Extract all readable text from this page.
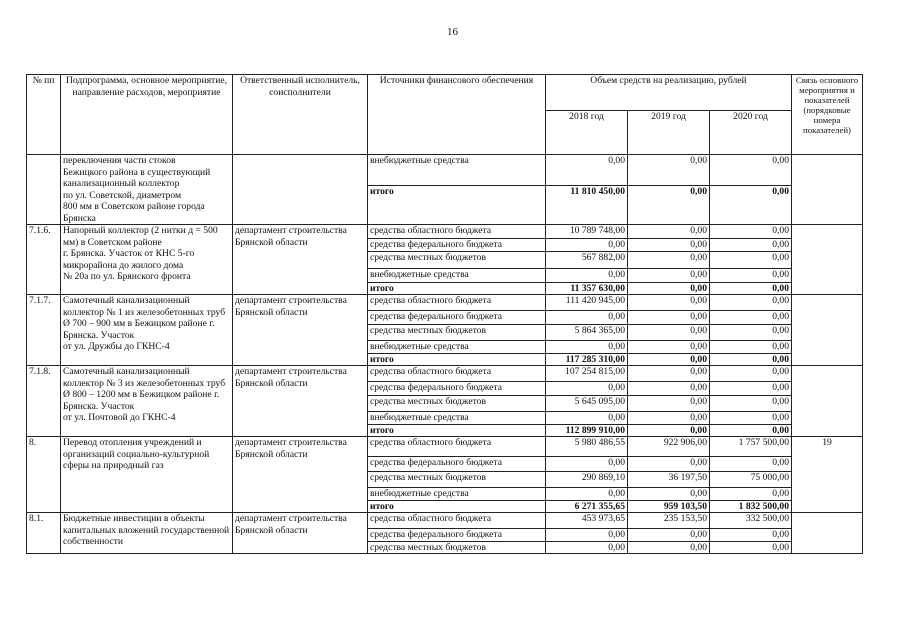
16
№ пп	Подпрограмма, основное мероприятие, направление расходов, мероприятие	Ответственный исполнитель, соисполнители	Источники финансового обеспечения	Объем средств на реализацию, рублей			Связь основного мероприятия и показателей (порядковые номера показателей)
				2018 год	2019 год	2020 год	
	переключения части стоков
Бежицкого района в существующий канализационный коллектор
по ул. Советской, диаметром
800 мм в Советском районе города Брянска		внебюджетные средства	0,00	0,00	0,00	
			итого	11 810 450,00	0,00	0,00	
7.1.6.	Напорный коллектор (2 нитки д = 500 мм) в Советском районе
г. Брянска. Участок от КНС 5-го микрорайона до жилого дома
№ 20а по ул. Брянского фронта	департамент строительства Брянской области	средства областного бюджета	10 789 748,00	0,00	0,00	
			средства федерального бюджета	0,00	0,00	0,00	
			средства местных бюджетов	567 882,00	0,00	0,00	
			внебюджетные средства	0,00	0,00	0,00	
			итого	11 357 630,00	0,00	0,00	
7.1.7.	Самотечный канализационный коллектор № 1 из железобетонных труб Ø 700 – 900 мм в Бежицком районе г. Брянска. Участок
от ул. Дружбы до ГКНС-4	департамент строительства Брянской области	средства областного бюджета	111 420 945,00	0,00	0,00	
			средства федерального бюджета	0,00	0,00	0,00	
			средства местных бюджетов	5 864 365,00	0,00	0,00	
			внебюджетные средства	0,00	0,00	0,00	
			итого	117 285 310,00	0,00	0,00	
7.1.8.	Самотечный канализационный коллектор № 3 из железобетонных труб Ø 800 – 1200 мм в Бежицком районе г. Брянска. Участок
от ул. Почтовой до ГКНС-4	департамент строительства Брянской области	средства областного бюджета	107 254 815,00	0,00	0,00	
			средства федерального бюджета	0,00	0,00	0,00	
			средства местных бюджетов	5 645 095,00	0,00	0,00	
			внебюджетные средства	0,00	0,00	0,00	
			итого	112 899 910,00	0,00	0,00	
8.	Перевод отопления учреждений и организаций социально-культурной сферы на природный газ	департамент строительства Брянской области	средства областного бюджета	5 980 486,55	922 906,00	1 757 500,00	19
			средства федерального бюджета	0,00	0,00	0,00	
			средства местных бюджетов	290 869,10	36 197,50	75 000,00	
			внебюджетные средства	0,00	0,00	0,00	
			итого	6 271 355,65	959 103,50	1 832 500,00	
8.1.	Бюджетные инвестиции в объекты капитальных вложений государственной собственности	департамент строительства Брянской области	средства областного бюджета	453 973,65	235 153,50	332 500,00	
			средства федерального бюджета	0,00	0,00	0,00	
			средства местных бюджетов	0,00	0,00	0,00	
